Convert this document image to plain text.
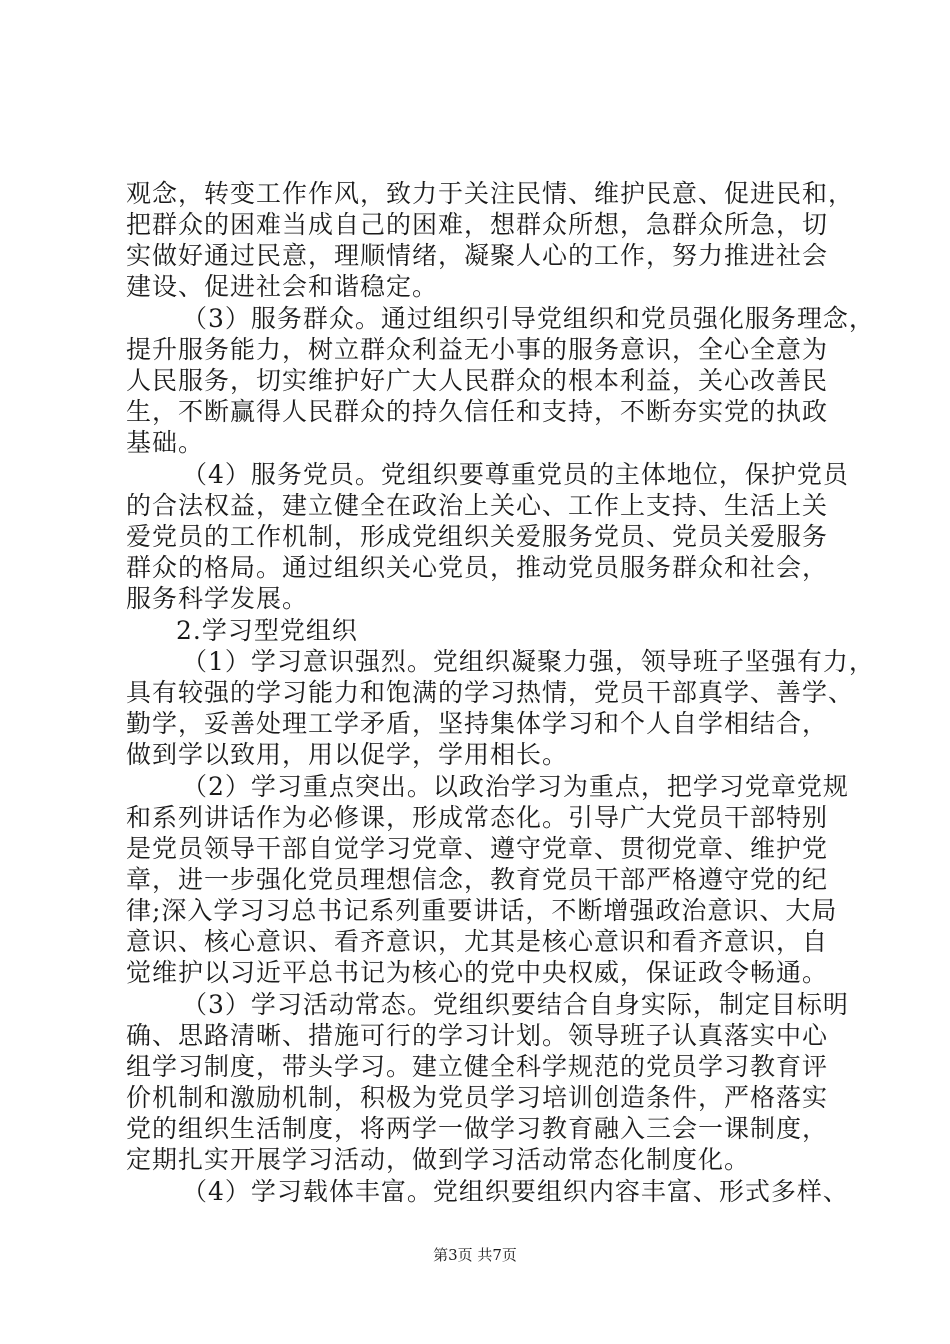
观念，转变工作作风，致力于关注民情、维护民意、促进民和，
把群众的困难当成自己的困难，想群众所想，急群众所急，切
实做好通过民意，理顺情绪，凝聚人心的工作，努力推进社会
建设、促进社会和谐稳定。
（3）服务群众。通过组织引导党组织和党员强化服务理念，
提升服务能力，树立群众利益无小事的服务意识，全心全意为
人民服务，切实维护好广大人民群众的根本利益，关心改善民
生，不断赢得人民群众的持久信任和支持，不断夯实党的执政
基础。
（4）服务党员。党组织要尊重党员的主体地位，保护党员
的合法权益，建立健全在政治上关心、工作上支持、生活上关
爱党员的工作机制，形成党组织关爱服务党员、党员关爱服务
群众的格局。通过组织关心党员，推动党员服务群众和社会，
服务科学发展。
2.学习型党组织
（1）学习意识强烈。党组织凝聚力强，领导班子坚强有力，
具有较强的学习能力和饱满的学习热情，党员干部真学、善学、
勤学，妥善处理工学矛盾，坚持集体学习和个人自学相结合，
做到学以致用，用以促学，学用相长。
（2）学习重点突出。以政治学习为重点，把学习党章党规
和系列讲话作为必修课，形成常态化。引导广大党员干部特别
是党员领导干部自觉学习党章、遵守党章、贯彻党章、维护党
章，进一步强化党员理想信念，教育党员干部严格遵守党的纪
律;深入学习习总书记系列重要讲话，不断增强政治意识、大局
意识、核心意识、看齐意识，尤其是核心意识和看齐意识，自
觉维护以习近平总书记为核心的党中央权威，保证政令畅通。
（3）学习活动常态。党组织要结合自身实际，制定目标明
确、思路清晰、措施可行的学习计划。领导班子认真落实中心
组学习制度，带头学习。建立健全科学规范的党员学习教育评
价机制和激励机制，积极为党员学习培训创造条件，严格落实
党的组织生活制度，将两学一做学习教育融入三会一课制度，
定期扎实开展学习活动，做到学习活动常态化制度化。
（4）学习载体丰富。党组织要组织内容丰富、形式多样、
第3页 共7页
